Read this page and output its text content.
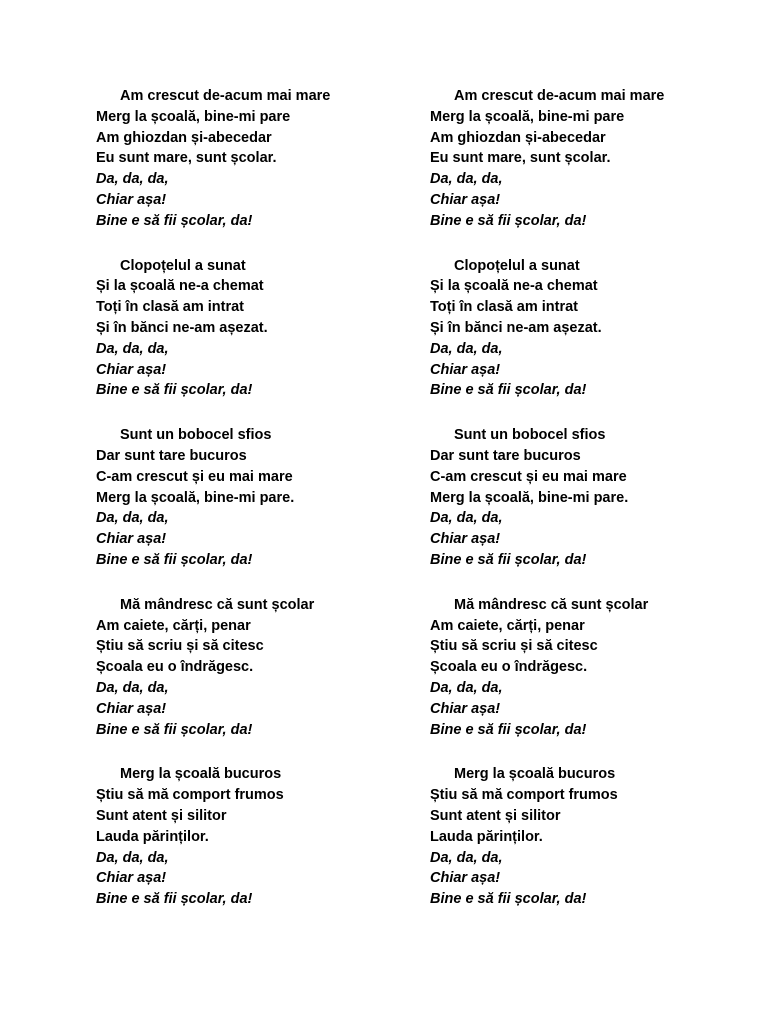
Am crescut de-acum mai mare
Merg la școală, bine-mi pare
Am ghiozdan și-abecedar
Eu sunt mare, sunt școlar.
Da, da, da,
Chiar așa!
Bine e să fii școlar, da!
Clopoțelul a sunat
Și la școală ne-a chemat
Toți în clasă am intrat
Și în bănci ne-am așezat.
Da, da, da,
Chiar așa!
Bine e să fii școlar, da!
Sunt un bobocel sfios
Dar sunt tare bucuros
C-am crescut și eu mai mare
Merg la școală, bine-mi pare.
Da, da, da,
Chiar așa!
Bine e să fii școlar, da!
Mă mândresc că sunt școlar
Am caiete, cărți, penar
Știu să scriu și să citesc
Școala eu o îndrăgesc.
Da, da, da,
Chiar așa!
Bine e să fii școlar, da!
Merg la școală bucuros
Știu să mă comport frumos
Sunt atent și silitor
Lauda părinților.
Da, da, da,
Chiar așa!
Bine e să fii școlar, da!
Am crescut de-acum mai mare
Merg la școală, bine-mi pare
Am ghiozdan și-abecedar
Eu sunt mare, sunt școlar.
Da, da, da,
Chiar așa!
Bine e să fii școlar, da!
Clopoțelul a sunat
Și la școală ne-a chemat
Toți în clasă am intrat
Și în bănci ne-am așezat.
Da, da, da,
Chiar așa!
Bine e să fii școlar, da!
Sunt un bobocel sfios
Dar sunt tare bucuros
C-am crescut și eu mai mare
Merg la școală, bine-mi pare.
Da, da, da,
Chiar așa!
Bine e să fii școlar, da!
Mă mândresc că sunt școlar
Am caiete, cărți, penar
Știu să scriu și să citesc
Școala eu o îndrăgesc.
Da, da, da,
Chiar așa!
Bine e să fii școlar, da!
Merg la școală bucuros
Știu să mă comport frumos
Sunt atent și silitor
Lauda părinților.
Da, da, da,
Chiar așa!
Bine e să fii școlar, da!
